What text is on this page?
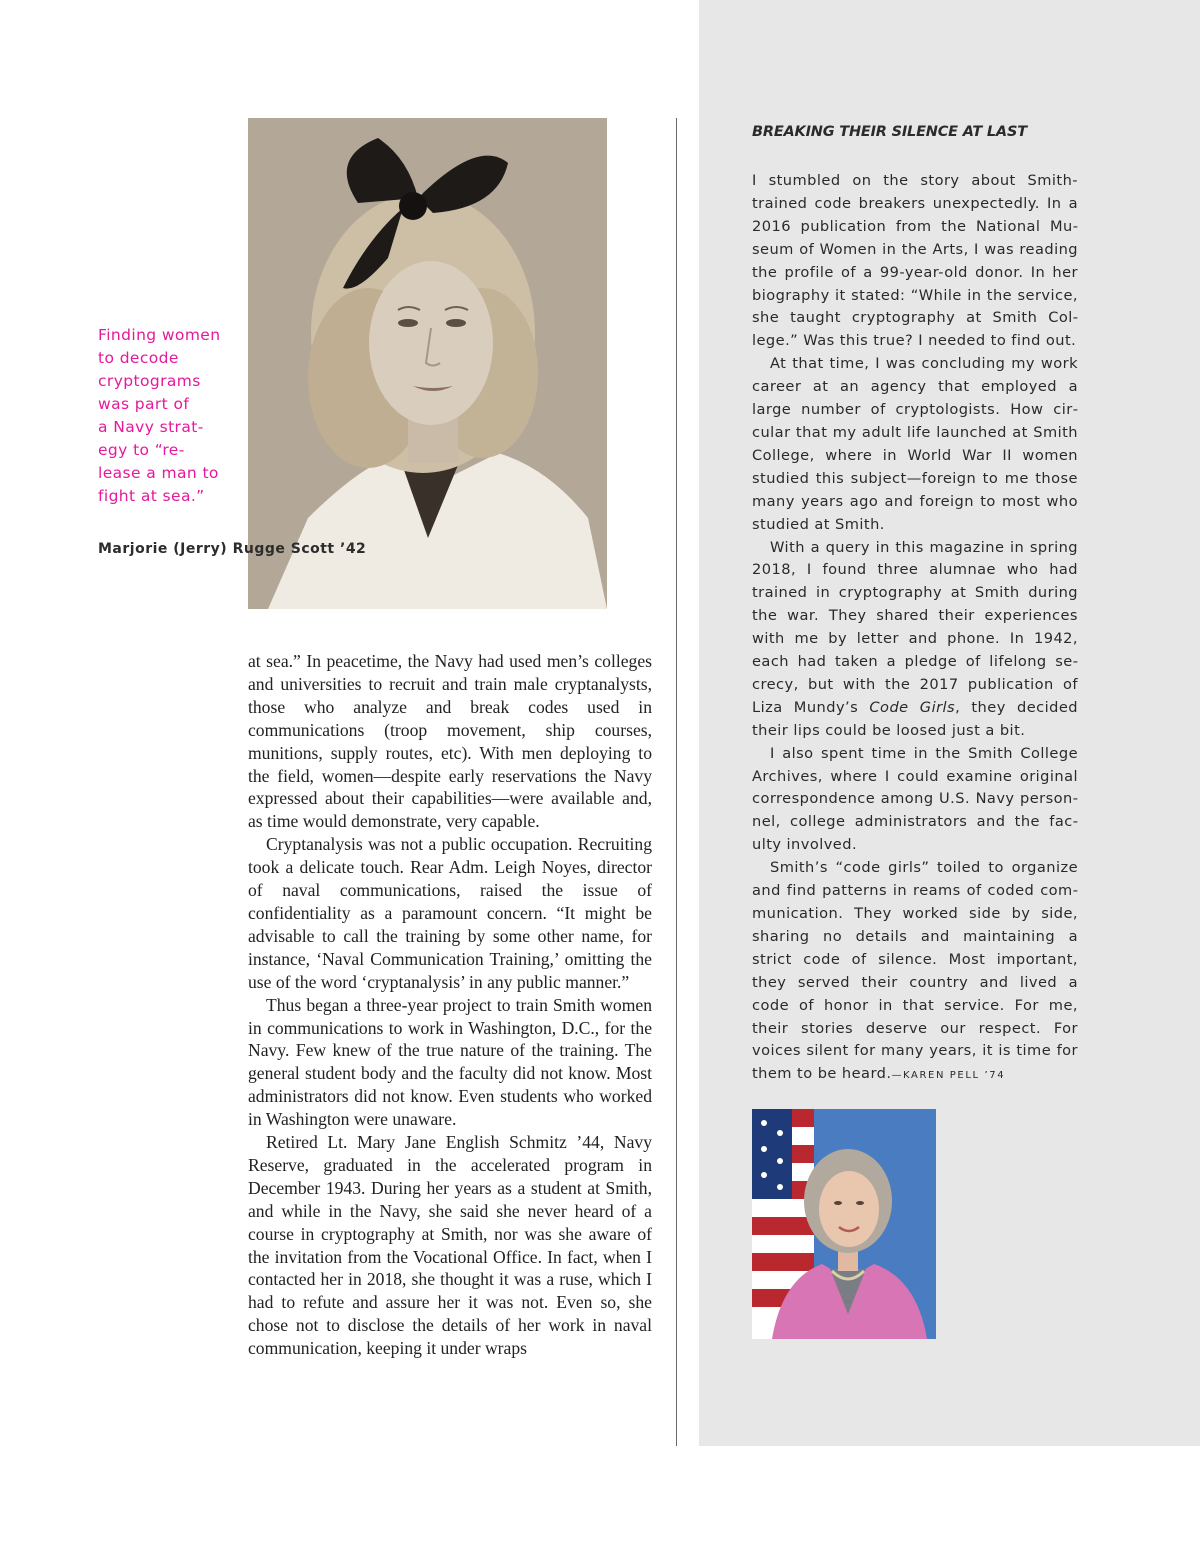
Finding women
to decode
cryptograms
was part of
a Navy strat-
egy to “re-
lease a man to
fight at sea.”

Marjorie (Jerry) Rugge Scott ’42

at sea.” In peacetime, the Navy had used men’s colleges and universities to recruit and train male cryptanalysts, those who analyze and break codes used in communications (troop movement, ship courses, munitions, supply routes, etc). With men deploying to the field, women—despite early reservations the Navy expressed about their capabilities—were available and, as time would demonstrate, very capable.

Cryptanalysis was not a public occupation. Recruiting took a delicate touch. Rear Adm. Leigh Noyes, director of naval communications, raised the issue of confidentiality as a paramount concern. “It might be advisable to call the training by some other name, for instance, ‘Naval Communication Training,’ omitting the use of the word ‘cryptanalysis’ in any public manner.”

Thus began a three-year project to train Smith women in communications to work in Washington, D.C., for the Navy. Few knew of the true nature of the training. The general student body and the faculty did not know. Most administrators did not know. Even students who worked in Washington were unaware.

Retired Lt. Mary Jane English Schmitz ’44, Navy Reserve, graduated in the accelerated program in December 1943. During her years as a student at Smith, and while in the Navy, she said she never heard of a course in cryptography at Smith, nor was she aware of the invitation from the Vocational Office. In fact, when I contacted her in 2018, she thought it was a ruse, which I had to refute and assure her it was not. Even so, she chose not to disclose the details of her work in naval communication, keeping it under wraps

BREAKING THEIR SILENCE AT LAST

I stumbled on the story about Smith-trained code breakers unexpectedly. In a 2016 publication from the National Museum of Women in the Arts, I was reading the profile of a 99-year-old donor. In her biography it stated: “While in the service, she taught cryptography at Smith College.” Was this true? I needed to find out.

At that time, I was concluding my work career at an agency that employed a large number of cryptologists. How circular that my adult life launched at Smith College, where in World War II women studied this subject—foreign to me those many years ago and foreign to most who studied at Smith.

With a query in this magazine in spring 2018, I found three alumnae who had trained in cryptography at Smith during the war. They shared their experiences with me by letter and phone. In 1942, each had taken a pledge of lifelong secrecy, but with the 2017 publication of Liza Mundy’s Code Girls, they decided their lips could be loosed just a bit.

I also spent time in the Smith College Archives, where I could examine original correspondence among U.S. Navy personnel, college administrators and the faculty involved.

Smith’s “code girls” toiled to organize and find patterns in reams of coded communication. They worked side by side, sharing no details and maintaining a strict code of silence. Most important, they served their country and lived a code of honor in that service. For me, their stories deserve our respect. For voices silent for many years, it is time for them to be heard.—KAREN PELL ’74
